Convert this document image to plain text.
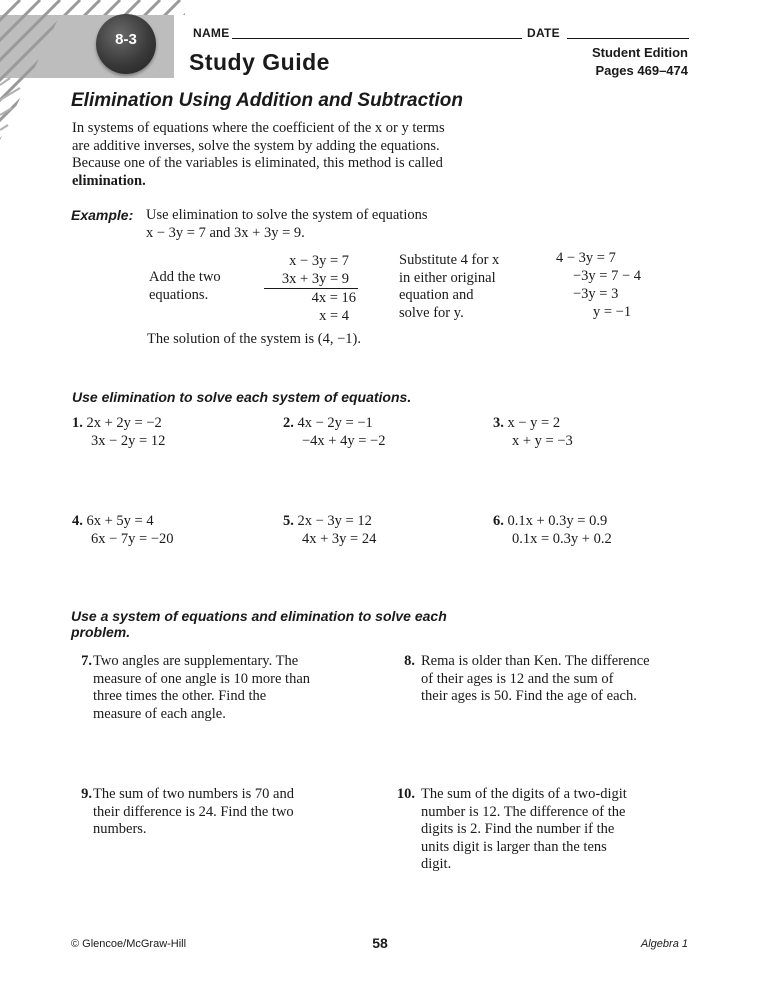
8-3	NAME	DATE
Study Guide	Student Edition
Pages 469–474
Elimination Using Addition and Subtraction
In systems of equations where the coefficient of the x or y terms
are additive inverses, solve the system by adding the equations.
Because one of the variables is eliminated, this method is called
elimination.
Example: Use elimination to solve the system of equations
x − 3y = 7 and 3x + 3y = 9.
Add the two
equations.
x − 3y = 7
3x + 3y = 9
4x = 16
x = 4
Substitute 4 for x
in either original
equation and
solve for y.
4 − 3y = 7
−3y = 7 − 4
−3y = 3
y = −1
The solution of the system is (4, −1).
Use elimination to solve each system of equations.
1. 2x + 2y = −2
3x − 2y = 12
2. 4x − 2y = −1
−4x + 4y = −2
3. x − y = 2
x + y = −3
4. 6x + 5y = 4
6x − 7y = −20
5. 2x − 3y = 12
4x + 3y = 24
6. 0.1x + 0.3y = 0.9
0.1x = 0.3y + 0.2
Use a system of equations and elimination to solve each
problem.
7. Two angles are supplementary. The
measure of one angle is 10 more than
three times the other. Find the
measure of each angle.
8. Rema is older than Ken. The difference
of their ages is 12 and the sum of
their ages is 50. Find the age of each.
9. The sum of two numbers is 70 and
their difference is 24. Find the two
numbers.
10. The sum of the digits of a two-digit
number is 12. The difference of the
digits is 2. Find the number if the
units digit is larger than the tens
digit.
© Glencoe/McGraw-Hill	58	Algebra 1
